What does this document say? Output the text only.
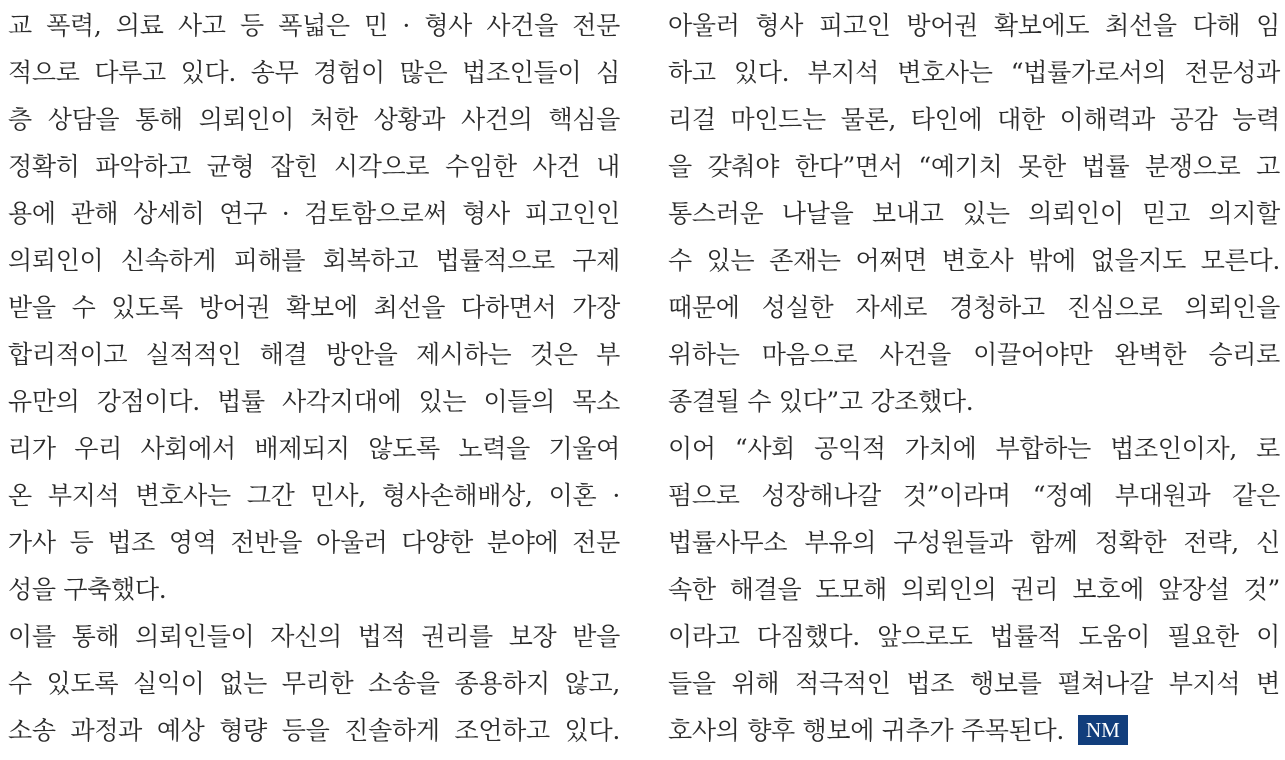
교 폭력, 의료 사고 등 폭넓은 민 · 형사 사건을 전문
적으로 다루고 있다. 송무 경험이 많은 법조인들이 심
층 상담을 통해 의뢰인이 처한 상황과 사건의 핵심을
정확히 파악하고 균형 잡힌 시각으로 수임한 사건 내
용에 관해 상세히 연구 · 검토함으로써 형사 피고인인
의뢰인이 신속하게 피해를 회복하고 법률적으로 구제
받을 수 있도록 방어권 확보에 최선을 다하면서 가장
합리적이고 실적적인 해결 방안을 제시하는 것은 부
유만의 강점이다. 법률 사각지대에 있는 이들의 목소
리가 우리 사회에서 배제되지 않도록 노력을 기울여
온 부지석 변호사는 그간 민사, 형사손해배상, 이혼 ·
가사 등 법조 영역 전반을 아울러 다양한 분야에 전문
성을 구축했다.
이를 통해 의뢰인들이 자신의 법적 권리를 보장 받을
수 있도록 실익이 없는 무리한 소송을 종용하지 않고,
소송 과정과 예상 형량 등을 진솔하게 조언하고 있다.
아울러 형사 피고인 방어권 확보에도 최선을 다해 임
하고 있다. 부지석 변호사는 “법률가로서의 전문성과
리걸 마인드는 물론, 타인에 대한 이해력과 공감 능력
을 갖춰야 한다”면서 “예기치 못한 법률 분쟁으로 고
통스러운 나날을 보내고 있는 의뢰인이 믿고 의지할
수 있는 존재는 어쩌면 변호사 밖에 없을지도 모른다.
때문에 성실한 자세로 경청하고 진심으로 의뢰인을
위하는 마음으로 사건을 이끌어야만 완벽한 승리로
종결될 수 있다”고 강조했다.
이어 “사회 공익적 가치에 부합하는 법조인이자, 로
펌으로 성장해나갈 것”이라며 “정예 부대원과 같은
법률사무소 부유의 구성원들과 함께 정확한 전략, 신
속한 해결을 도모해 의뢰인의 권리 보호에 앞장설 것”
이라고 다짐했다. 앞으로도 법률적 도움이 필요한 이
들을 위해 적극적인 법조 행보를 펼쳐나갈 부지석 변
호사의 향후 행보에 귀추가 주목된다. NM
